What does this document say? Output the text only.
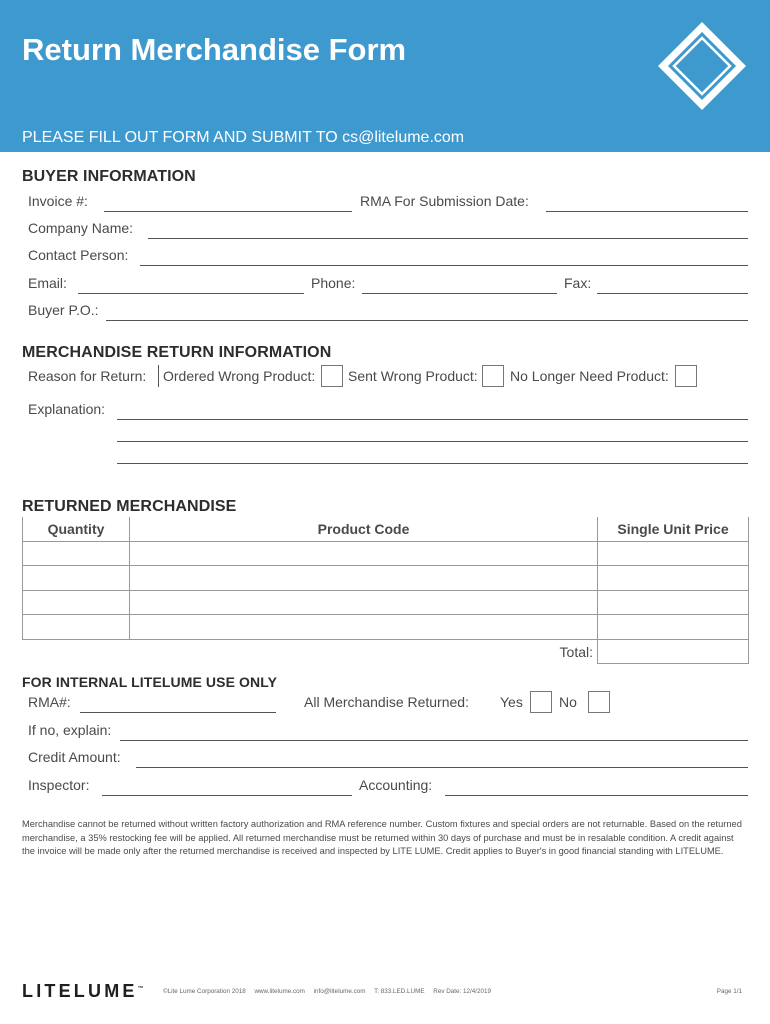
Return Merchandise Form
PLEASE FILL OUT FORM AND SUBMIT TO cs@litelume.com
BUYER INFORMATION
Invoice #:	RMA For Submission Date:
Company Name:
Contact Person:
Email:	Phone:	Fax:
Buyer P.O.:
MERCHANDISE RETURN INFORMATION
Reason for Return: Ordered Wrong Product: Sent Wrong Product: No Longer Need Product:
Explanation:
RETURNED MERCHANDISE
Quantity	Product Code	Single Unit Price

	Total:	
FOR INTERNAL LITELUME USE ONLY
RMA#:	All Merchandise Returned: Yes	No
If no, explain:
Credit Amount:
Inspector:	Accounting:
Merchandise cannot be returned without written factory authorization and RMA reference number. Custom fixtures and special orders are not returnable. Based on the returned merchandise, a 35% restocking fee will be applied. All returned merchandise must be returned within 30 days of purchase and must be in resalable condition. A credit against the invoice will be made only after the returned merchandise is received and inspected by LITE LUME. Credit applies to Buyer's in good financial standing with LITELUME.
LITELUME™	©Lite Lume Corporation 2018 www.litelume.com info@litelume.com T: 833.LED.LUME Rev Date: 12/4/2019	Page 1/1
